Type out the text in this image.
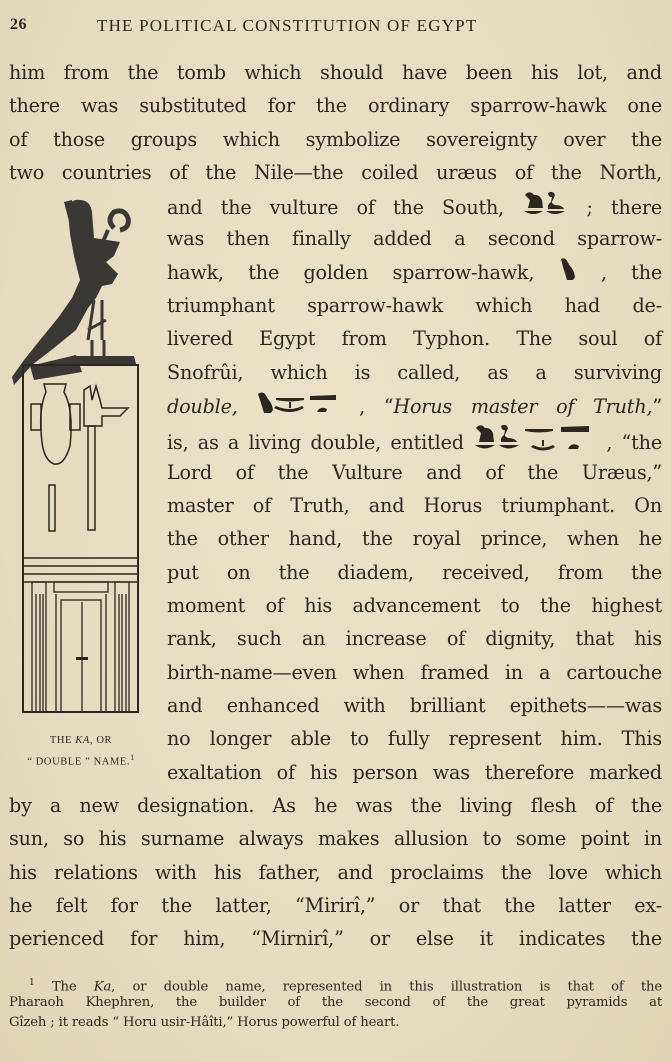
26	THE POLITICAL CONSTITUTION OF EGYPT
him from the tomb which should have been his lot, and
there was substituted for the ordinary sparrow-hawk one
of those groups which symbolize sovereignty over the
two countries of the Nile—the coiled uræus of the North,
and the vulture of the South,	; there
was then finally added a second sparrow-
hawk, the golden sparrow-hawk,	, the
triumphant sparrow-hawk which had de-
livered Egypt from Typhon. The soul of
Snofrûi, which is called, as a surviving
double,	, “Horus master of Truth,”
is, as a living double, entitled	, “the
Lord of the Vulture and of the Uræus,”
master of Truth, and Horus triumphant. On
the other hand, the royal prince, when he
put on the diadem, received, from the
moment of his advancement to the highest
rank, such an increase of dignity, that his
birth-name—even when framed in a cartouche
and enhanced with brilliant epithets——was
no longer able to fully represent him. This
exaltation of his person was therefore marked
by a new designation. As he was the living flesh of the
sun, so his surname always makes allusion to some point in
his relations with his father, and proclaims the love which
he felt for the latter, “Mirirî,” or that the latter ex-
perienced for him, “Mirnirî,” or else it indicates the
THE KA, OR
“ DOUBLE ” NAME.$^1$
$^1$ The Ka, or double name, represented in this illustration is that of the
Pharaoh Khephren, the builder of the second of the great pyramids at
Gîzeh ; it reads “ Horu usir-Hâîti,” Horus powerful of heart.
